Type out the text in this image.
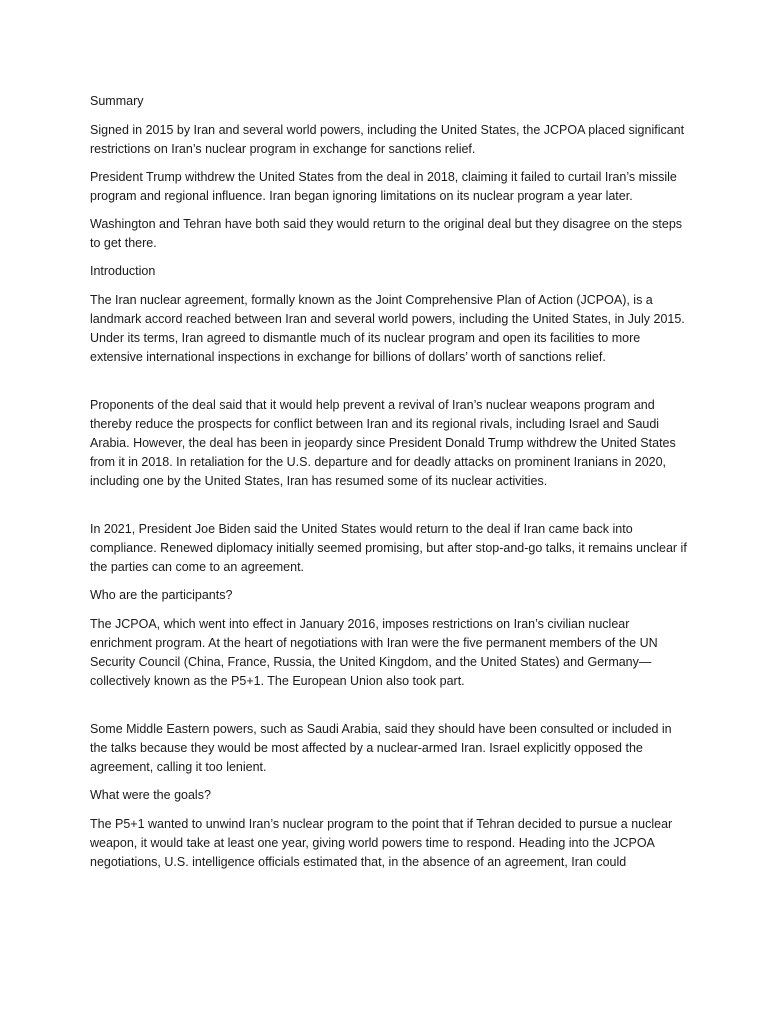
Summary

Signed in 2015 by Iran and several world powers, including the United States, the JCPOA placed significant restrictions on Iran’s nuclear program in exchange for sanctions relief.

President Trump withdrew the United States from the deal in 2018, claiming it failed to curtail Iran’s missile program and regional influence. Iran began ignoring limitations on its nuclear program a year later.

Washington and Tehran have both said they would return to the original deal but they disagree on the steps to get there.

Introduction

The Iran nuclear agreement, formally known as the Joint Comprehensive Plan of Action (JCPOA), is a landmark accord reached between Iran and several world powers, including the United States, in July 2015. Under its terms, Iran agreed to dismantle much of its nuclear program and open its facilities to more extensive international inspections in exchange for billions of dollars’ worth of sanctions relief.

Proponents of the deal said that it would help prevent a revival of Iran’s nuclear weapons program and thereby reduce the prospects for conflict between Iran and its regional rivals, including Israel and Saudi Arabia. However, the deal has been in jeopardy since President Donald Trump withdrew the United States from it in 2018. In retaliation for the U.S. departure and for deadly attacks on prominent Iranians in 2020, including one by the United States, Iran has resumed some of its nuclear activities.

In 2021, President Joe Biden said the United States would return to the deal if Iran came back into compliance. Renewed diplomacy initially seemed promising, but after stop-and-go talks, it remains unclear if the parties can come to an agreement.

Who are the participants?

The JCPOA, which went into effect in January 2016, imposes restrictions on Iran’s civilian nuclear enrichment program. At the heart of negotiations with Iran were the five permanent members of the UN Security Council (China, France, Russia, the United Kingdom, and the United States) and Germany—collectively known as the P5+1. The European Union also took part.

Some Middle Eastern powers, such as Saudi Arabia, said they should have been consulted or included in the talks because they would be most affected by a nuclear-armed Iran. Israel explicitly opposed the agreement, calling it too lenient.

What were the goals?

The P5+1 wanted to unwind Iran’s nuclear program to the point that if Tehran decided to pursue a nuclear weapon, it would take at least one year, giving world powers time to respond. Heading into the JCPOA negotiations, U.S. intelligence officials estimated that, in the absence of an agreement, Iran could
